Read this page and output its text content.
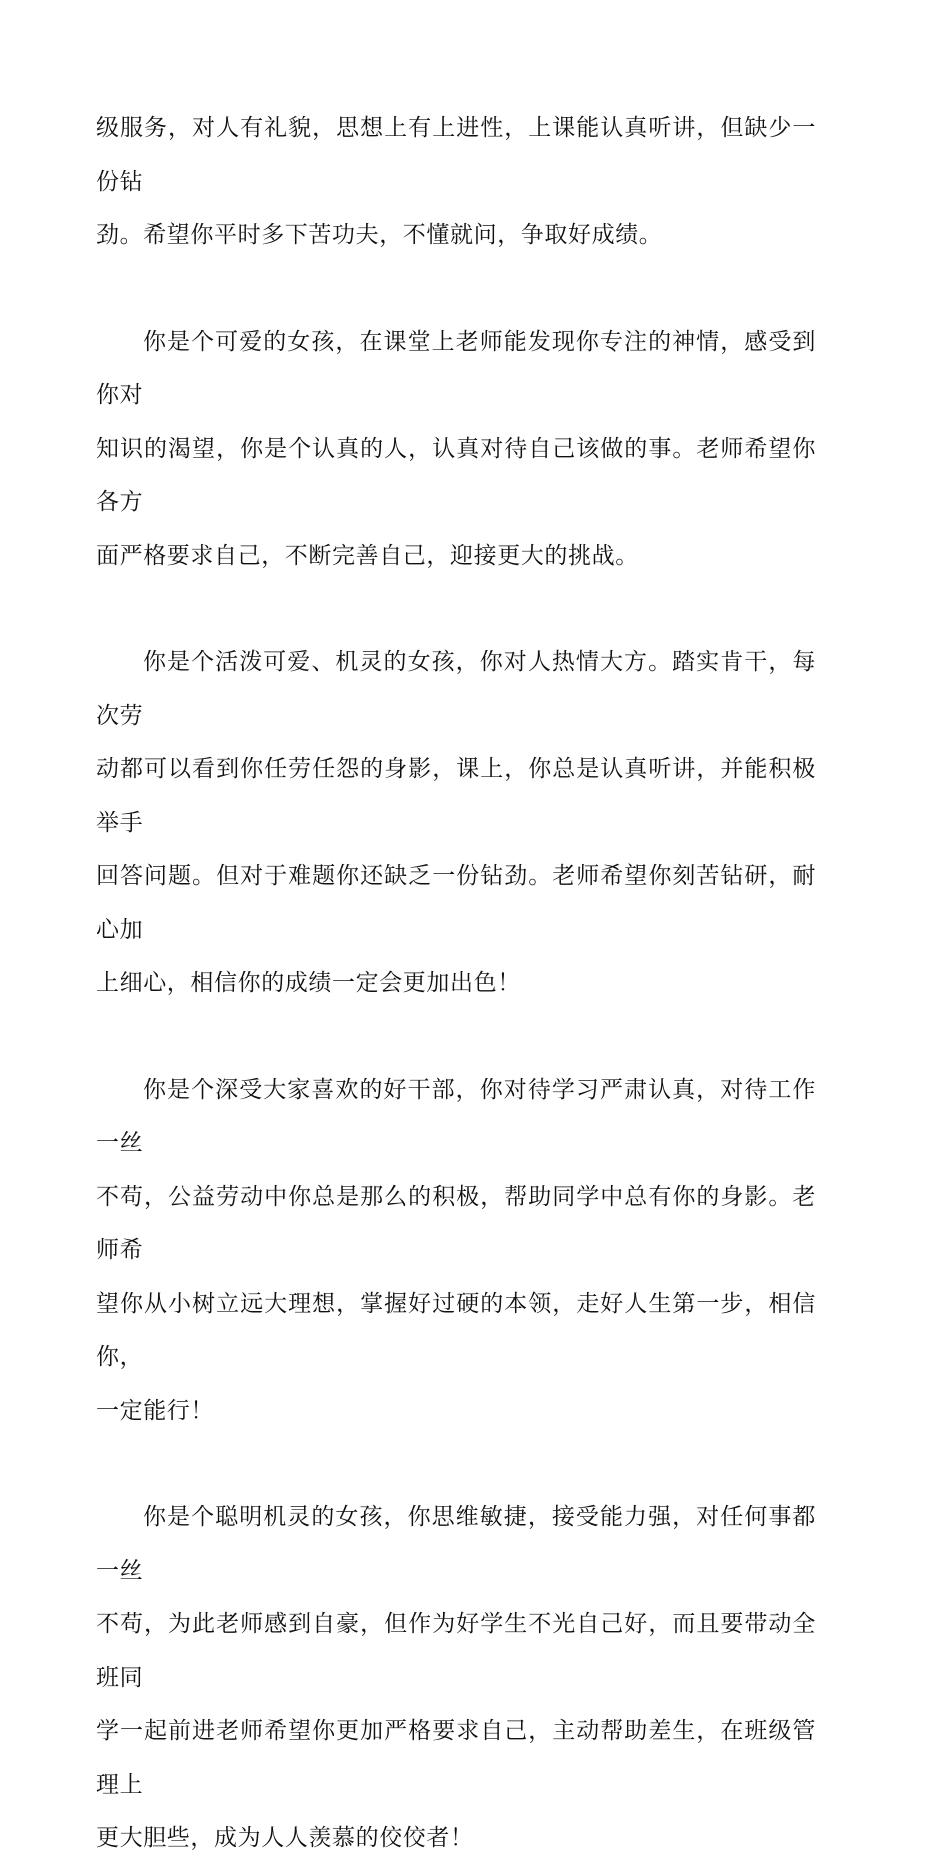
级服务，对人有礼貌，思想上有上进性，上课能认真听讲，但缺少一份钻
劲。希望你平时多下苦功夫，不懂就问，争取好成绩。

你是个可爱的女孩，在课堂上老师能发现你专注的神情，感受到你对
知识的渴望，你是个认真的人，认真对待自己该做的事。老师希望你各方
面严格要求自己，不断完善自己，迎接更大的挑战。

你是个活泼可爱、机灵的女孩，你对人热情大方。踏实肯干，每次劳
动都可以看到你任劳任怨的身影，课上，你总是认真听讲，并能积极举手
回答问题。但对于难题你还缺乏一份钻劲。老师希望你刻苦钻研，耐心加
上细心，相信你的成绩一定会更加出色！

你是个深受大家喜欢的好干部，你对待学习严肃认真，对待工作一丝
不苟，公益劳动中你总是那么的积极，帮助同学中总有你的身影。老师希
望你从小树立远大理想，掌握好过硬的本领，走好人生第一步，相信你，
一定能行！

你是个聪明机灵的女孩，你思维敏捷，接受能力强，对任何事都一丝
不苟，为此老师感到自豪，但作为好学生不光自己好，而且要带动全班同
学一起前进老师希望你更加严格要求自己，主动帮助差生，在班级管理上
更大胆些，成为人人羡慕的佼佼者！
